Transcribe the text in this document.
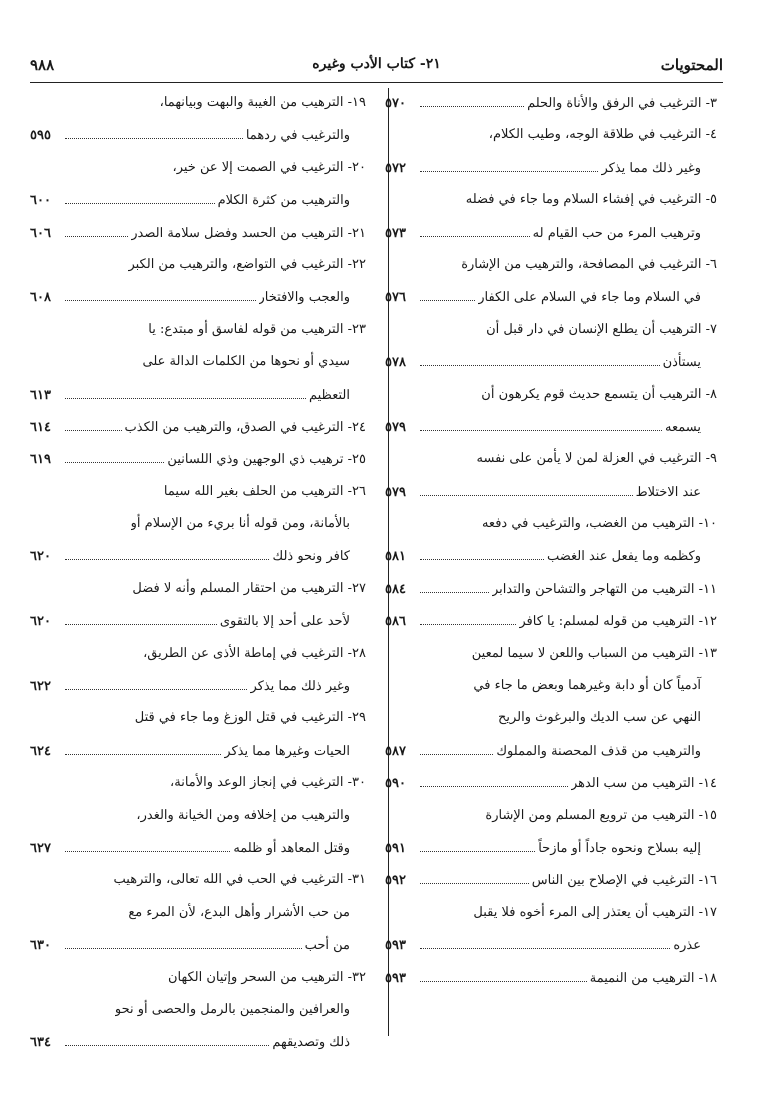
المحتويات
٢١- كتاب الأدب وغيره
٩٨٨
٣- الترغيب في الرفق والأناة والحلم
٥٧٠
٤- الترغيب في طلاقة الوجه، وطيب الكلام،
وغير ذلك مما يذكر
٥٧٢
٥- الترغيب في إفشاء السلام وما جاء في فضله
وترهيب المرء من حب القيام له
٥٧٣
٦- الترغيب في المصافحة، والترهيب من الإشارة
في السلام وما جاء في السلام على الكفار
٥٧٦
٧- الترهيب أن يطلع الإنسان في دار قبل أن
يستأذن
٥٧٨
٨- الترهيب أن يتسمع حديث قوم يكرهون أن
يسمعه
٥٧٩
٩- الترغيب في العزلة لمن لا يأمن على نفسه
عند الاختلاط
٥٧٩
١٠- الترهيب من الغضب، والترغيب في دفعه
وكظمه وما يفعل عند الغضب
٥٨١
١١- الترهيب من التهاجر والتشاحن والتدابر
٥٨٤
١٢- الترهيب من قوله لمسلم: يا كافر
٥٨٦
١٣- الترهيب من السباب واللعن لا سيما لمعين
آدمياً كان أو دابة وغيرهما وبعض ما جاء في
النهي عن سب الديك والبرغوث والريح
والترهيب من قذف المحصنة والمملوك
٥٨٧
١٤- الترهيب من سب الدهر
٥٩٠
١٥- الترهيب من ترويع المسلم ومن الإشارة
إليه بسلاح ونحوه جاداً أو مازحاً
٥٩١
١٦- الترغيب في الإصلاح بين الناس
٥٩٢
١٧- الترهيب أن يعتذر إلى المرء أخوه فلا يقبل
عذره
٥٩٣
١٨- الترهيب من النميمة
٥٩٣
١٩- الترهيب من الغيبة والبهت وبيانهما،
والترغيب في ردهما
٥٩٥
٢٠- الترغيب في الصمت إلا عن خير،
والترهيب من كثرة الكلام
٦٠٠
٢١- الترهيب من الحسد وفضل سلامة الصدر
٦٠٦
٢٢- الترغيب في التواضع، والترهيب من الكبر
والعجب والافتخار
٦٠٨
٢٣- الترهيب من قوله لفاسق أو مبتدع: يا
سيدي أو نحوها من الكلمات الدالة على
التعظيم
٦١٣
٢٤- الترغيب في الصدق، والترهيب من الكذب
٦١٤
٢٥- ترهيب ذي الوجهين وذي اللسانين
٦١٩
٢٦- الترهيب من الحلف بغير الله سيما
بالأمانة، ومن قوله أنا بريء من الإسلام أو
كافر ونحو ذلك
٦٢٠
٢٧- الترهيب من احتقار المسلم وأنه لا فضل
لأحد على أحد إلا بالتقوى
٦٢٠
٢٨- الترغيب في إماطة الأذى عن الطريق،
وغير ذلك مما يذكر
٦٢٢
٢٩- الترغيب في قتل الوزغ وما جاء في قتل
الحيات وغيرها مما يذكر
٦٢٤
٣٠- الترغيب في إنجاز الوعد والأمانة،
والترهيب من إخلافه ومن الخيانة والغدر،
وقتل المعاهد أو ظلمه
٦٢٧
٣١- الترغيب في الحب في الله تعالى، والترهيب
من حب الأشرار وأهل البدع، لأن المرء مع
من أحب
٦٣٠
٣٢- الترهيب من السحر وإتيان الكهان
والعرافين والمنجمين بالرمل والحصى أو نحو
ذلك وتصديقهم
٦٣٤
